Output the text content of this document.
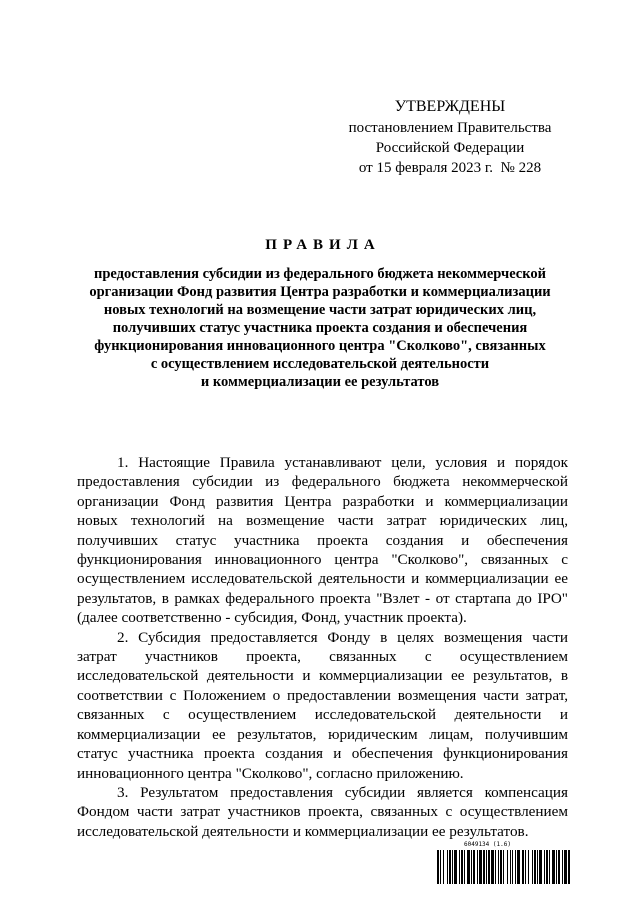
УТВЕРЖДЕНЫ
постановлением Правительства
Российской Федерации
от 15 февраля 2023 г.  № 228
ПРАВИЛА
предоставления субсидии из федерального бюджета некоммерческой
организации Фонд развития Центра разработки и коммерциализации
новых технологий на возмещение части затрат юридических лиц,
получивших статус участника проекта создания и обеспечения
функционирования инновационного центра "Сколково", связанных
с осуществлением исследовательской деятельности
и коммерциализации ее результатов

1. Настоящие Правила устанавливают цели, условия и порядок предоставления субсидии из федерального бюджета некоммерческой организации Фонд развития Центра разработки и коммерциализации новых технологий на возмещение части затрат юридических лиц, получивших статус участника проекта создания и обеспечения функционирования инновационного центра "Сколково", связанных с осуществлением исследовательской деятельности и коммерциализации ее результатов, в рамках федерального проекта "Взлет - от стартапа до IPO" (далее соответственно - субсидия, Фонд, участник проекта).

2. Субсидия предоставляется Фонду в целях возмещения части затрат участников проекта, связанных с осуществлением исследовательской деятельности и коммерциализации ее результатов, в соответствии с Положением о предоставлении возмещения части затрат, связанных с осуществлением исследовательской деятельности и коммерциализации ее результатов, юридическим лицам, получившим статус участника проекта создания и обеспечения функционирования инновационного центра "Сколково", согласно приложению.

3. Результатом предоставления субсидии является компенсация Фондом части затрат участников проекта, связанных с осуществлением исследовательской деятельности и коммерциализации ее результатов.

6049134 (1.6)
